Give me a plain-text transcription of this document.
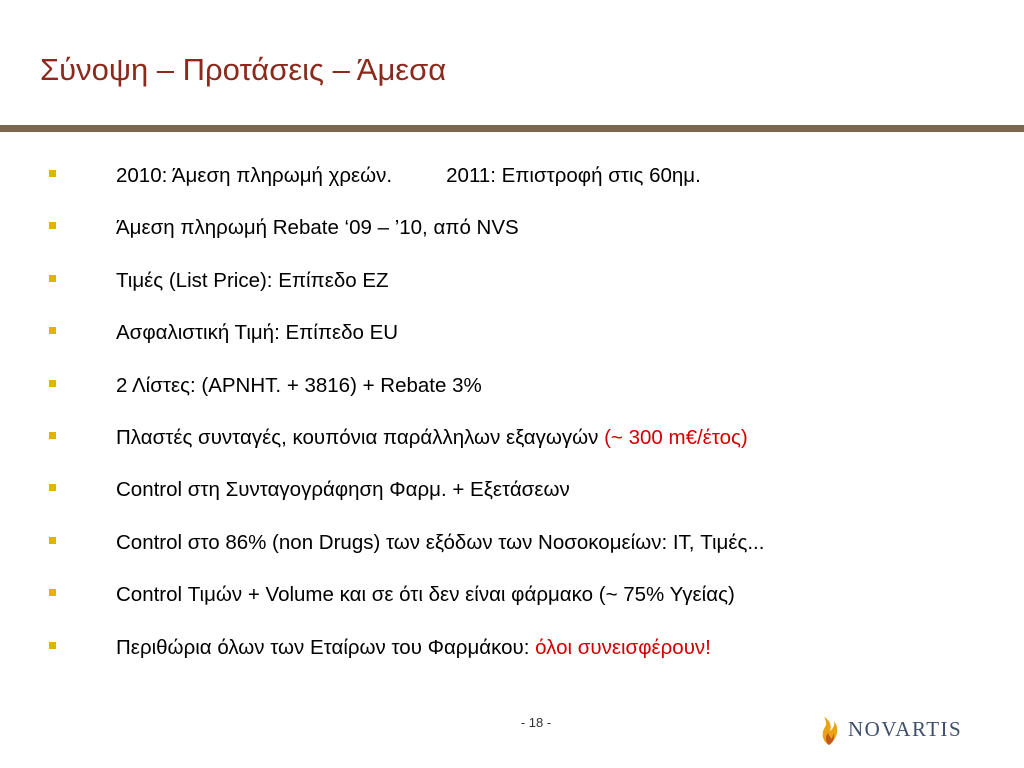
Σύνοψη – Προτάσεις – Άμεσα
2010: Άμεση πληρωμή χρεών.	2011: Επιστροφή στις 60ημ.
Άμεση πληρωμή Rebate ‘09 – ’10, από NVS
Τιμές (List Price): Επίπεδο ΕΖ
Ασφαλιστική Τιμή: Επίπεδο EU
2 Λίστες: (ΑΡΝΗΤ. + 3816) + Rebate 3%
Πλαστές συνταγές, κουπόνια παράλληλων εξαγωγών (~ 300 m€/έτος)
Control στη Συνταγογράφηση Φαρμ. + Εξετάσεων
Control στο 86% (non Drugs) των εξόδων των Νοσοκομείων: IT, Τιμές...
Control Τιμών + Volume και σε ότι δεν είναι φάρμακο (~ 75% Υγείας)
Περιθώρια όλων των Εταίρων του Φαρμάκου: όλοι συνεισφέρουν!
- 18 -	NOVARTIS
